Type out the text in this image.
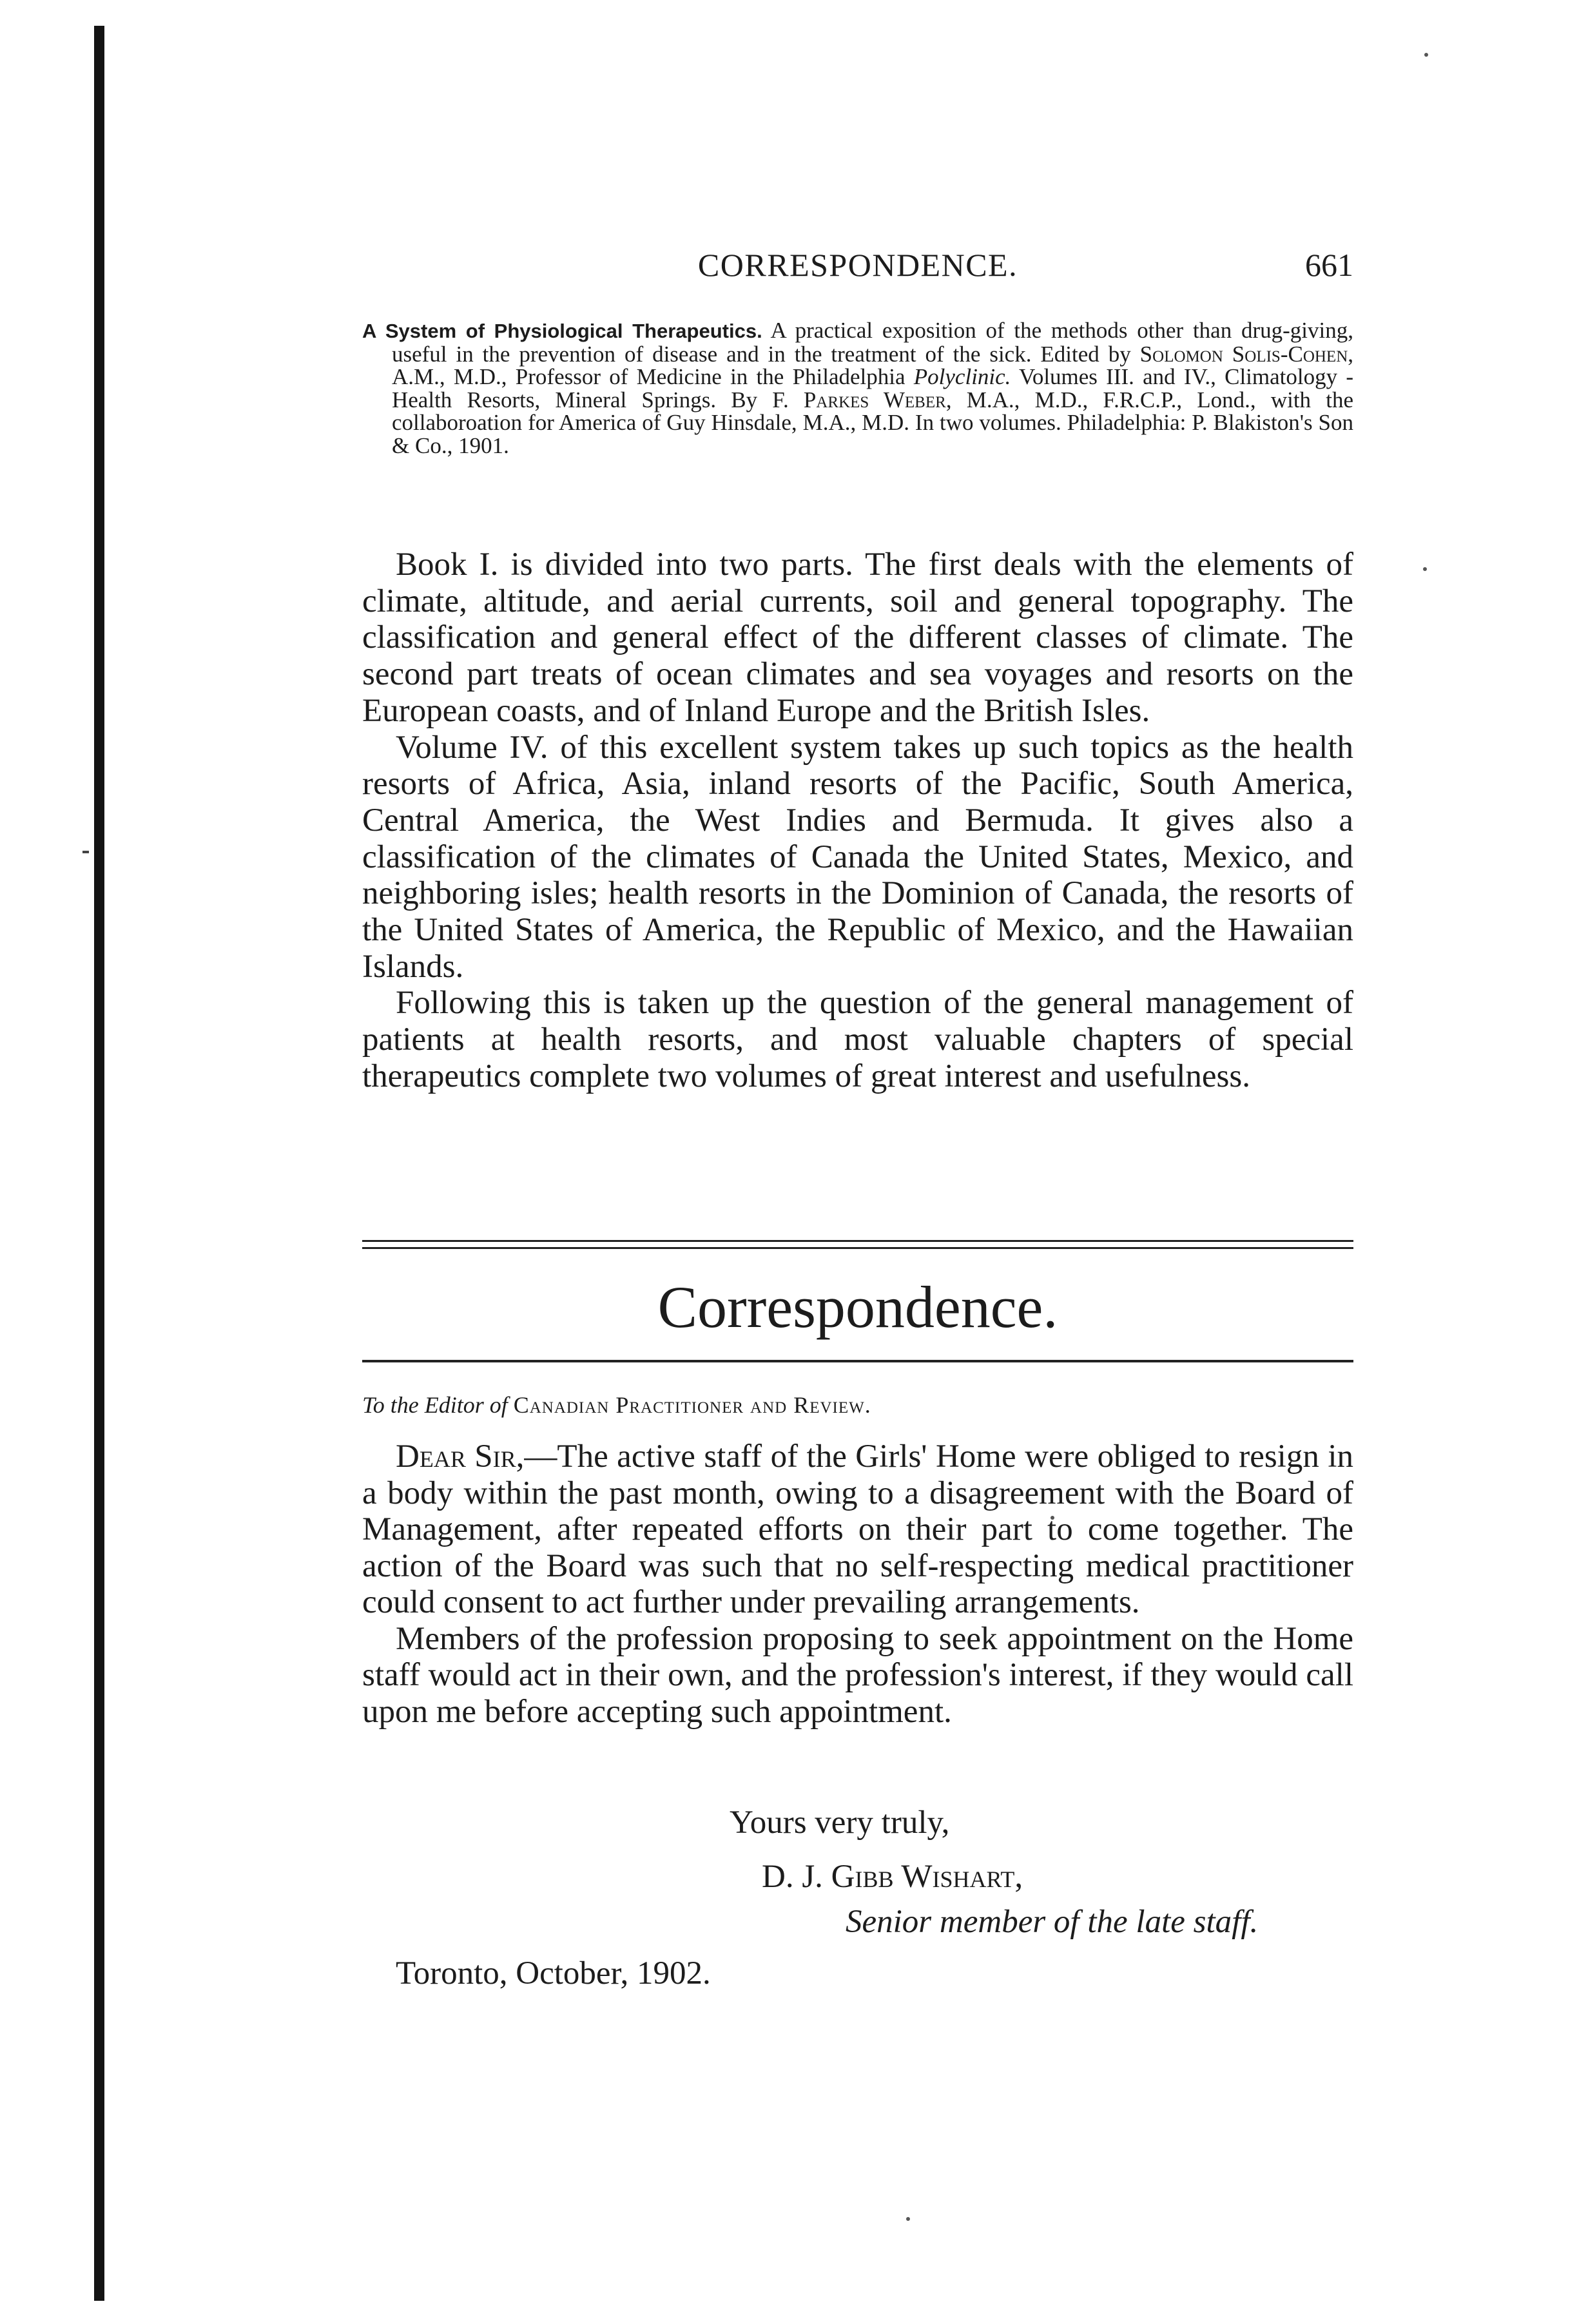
CORRESPONDENCE.	661
A System of Physiological Therapeutics. A practical exposition of the methods other than drug-giving, useful in the prevention of disease and in the treatment of the sick. Edited by Solomon Solis-Cohen, A.M., M.D., Professor of Medicine in the Philadelphia Polyclinic. Volumes III. and IV., Climatology - Health Resorts, Mineral Springs. By F. Parkes Weber, M.A., M.D., F.R.C.P., Lond., with the collaboroation for America of Guy Hinsdale, M.A., M.D. In two volumes. Philadelphia: P. Blakiston's Son & Co., 1901.

Book I. is divided into two parts. The first deals with the elements of climate, altitude, and aerial currents, soil and general topography. The classification and general effect of the different classes of climate. The second part treats of ocean climates and sea voyages and resorts on the European coasts, and of Inland Europe and the British Isles.

Volume IV. of this excellent system takes up such topics as the health resorts of Africa, Asia, inland resorts of the Pacific, South America, Central America, the West Indies and Bermuda. It gives also a classification of the climates of Canada the United States, Mexico, and neighboring isles; health resorts in the Dominion of Canada, the resorts of the United States of America, the Republic of Mexico, and the Hawaiian Islands.

Following this is taken up the question of the general management of patients at health resorts, and most valuable chapters of special therapeutics complete two volumes of great interest and usefulness.

Correspondence.
To the Editor of Canadian Practitioner and Review.

Dear Sir,—The active staff of the Girls' Home were obliged to resign in a body within the past month, owing to a disagreement with the Board of Management, after repeated efforts on their part to come together. The action of the Board was such that no self-respecting medical practitioner could consent to act further under prevailing arrangements.

Members of the profession proposing to seek appointment on the Home staff would act in their own, and the profession's interest, if they would call upon me before accepting such appointment.

Yours very truly,
D. J. Gibb Wishart,
Senior member of the late staff.
Toronto, October, 1902.
